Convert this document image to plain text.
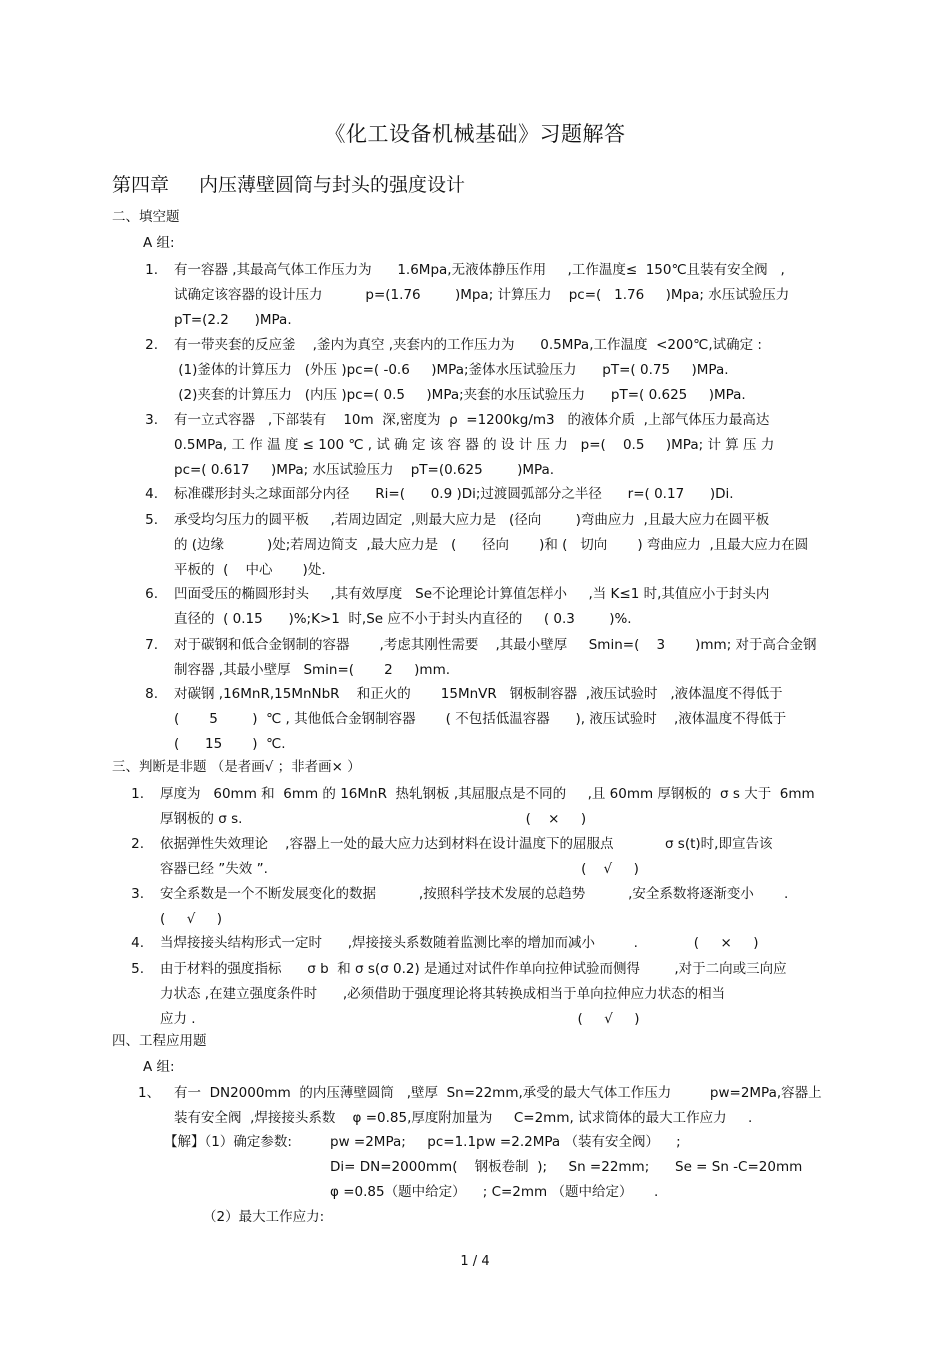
《化工设备机械基础》习题解答
第四章 内压薄壁圆筒与封头的强度设计
二、填空题
A 组:
1. 有一容器 ,其最高气体工作压力为      1.6Mpa,无液体静压作用     ,工作温度≤  150℃且装有安全阀   ,
试确定该容器的设计压力          p=(1.76        )Mpa; 计算压力    pc=(   1.76     )Mpa; 水压试验压力
pT=(2.2      )MPa.
2. 有一带夹套的反应釜    ,釜内为真空 ,夹套内的工作压力为      0.5MPa,工作温度  <200℃,试确定 :
(1)釜体的计算压力   (外压 )pc=( -0.6     )MPa;釜体水压试验压力      pT=( 0.75     )MPa.
(2)夹套的计算压力   (内压 )pc=( 0.5     )MPa;夹套的水压试验压力      pT=( 0.625     )MPa.
3. 有一立式容器   ,下部装有    10m  深,密度为  ρ  =1200kg/m3   的液体介质  ,上部气体压力最高达
0.5MPa, 工 作 温 度 ≤ 100 ℃ , 试 确 定 该 容 器 的 设 计 压 力   p=(    0.5     )MPa; 计 算 压 力
pc=( 0.617     )MPa; 水压试验压力    pT=(0.625        )MPa.
4. 标准碟形封头之球面部分内径      Ri=(      0.9 )Di;过渡圆弧部分之半径      r=( 0.17      )Di.
5. 承受均匀压力的圆平板     ,若周边固定  ,则最大应力是   (径向        )弯曲应力  ,且最大应力在圆平板
的 (边缘          )处;若周边简支  ,最大应力是   (      径向       )和 (   切向       ) 弯曲应力  ,且最大应力在圆
平板的  (    中心       )处.
6. 凹面受压的椭圆形封头     ,其有效厚度   Se不论理论计算值怎样小     ,当 K≤1 时,其值应小于封头内
直径的  ( 0.15      )%;K>1  时,Se 应不小于封头内直径的     ( 0.3        )%.
7. 对于碳钢和低合金钢制的容器       ,考虑其刚性需要    ,其最小壁厚     Smin=(    3       )mm; 对于高合金钢
制容器 ,其最小壁厚   Smin=(       2     )mm.
8. 对碳钢 ,16MnR,15MnNbR    和正火的       15MnVR   钢板制容器  ,液压试验时   ,液体温度不得低于
(       5        )  ℃ , 其他低合金钢制容器       ( 不包括低温容器      ), 液压试验时    ,液体温度不得低于
(      15       )  ℃.
三、判断是非题 （是者画√ ；非者画× ）
1. 厚度为   60mm 和  6mm 的 16MnR  热轧钢板 ,其屈服点是不同的     ,且 60mm 厚钢板的  σ s 大于  6mm
厚钢板的 σ s.                                                                  (    ×     )
2. 依据弹性失效理论    ,容器上一处的最大应力达到材料在设计温度下的屈服点            σ s(t)时,即宣告该
容器已经 ”失效 ”.                                                                         (    √     )
3. 安全系数是一个不断发展变化的数据          ,按照科学技术发展的总趋势          ,安全系数将逐渐变小       .
(     √     )
4. 当焊接接头结构形式一定时      ,焊接接头系数随着监测比率的增加而减小         .             (     ×     )
5. 由于材料的强度指标      σ b  和 σ s(σ 0.2) 是通过对试件作单向拉伸试验而侧得        ,对于二向或三向应
力状态 ,在建立强度条件时      ,必须借助于强度理论将其转换成相当于单向拉伸应力状态的相当
应力 .                                                                                         (     √     )
四、工程应用题
A 组:
1、 有一  DN2000mm  的内压薄壁圆筒   ,壁厚  Sn=22mm,承受的最大气体工作压力         pw=2MPa,容器上
装有安全阀  ,焊接接头系数    φ =0.85,厚度附加量为     C=2mm, 试求筒体的最大工作应力     .
【解】（1）确定参数:	pw =2MPa;     pc=1.1pw =2.2MPa （装有安全阀）    ;
Di= DN=2000mm(    钢板卷制  );     Sn =22mm;      Se = Sn -C=20mm
φ =0.85（题中给定）    ; C=2mm （题中给定）     .
（2）最大工作应力:
1 / 4
